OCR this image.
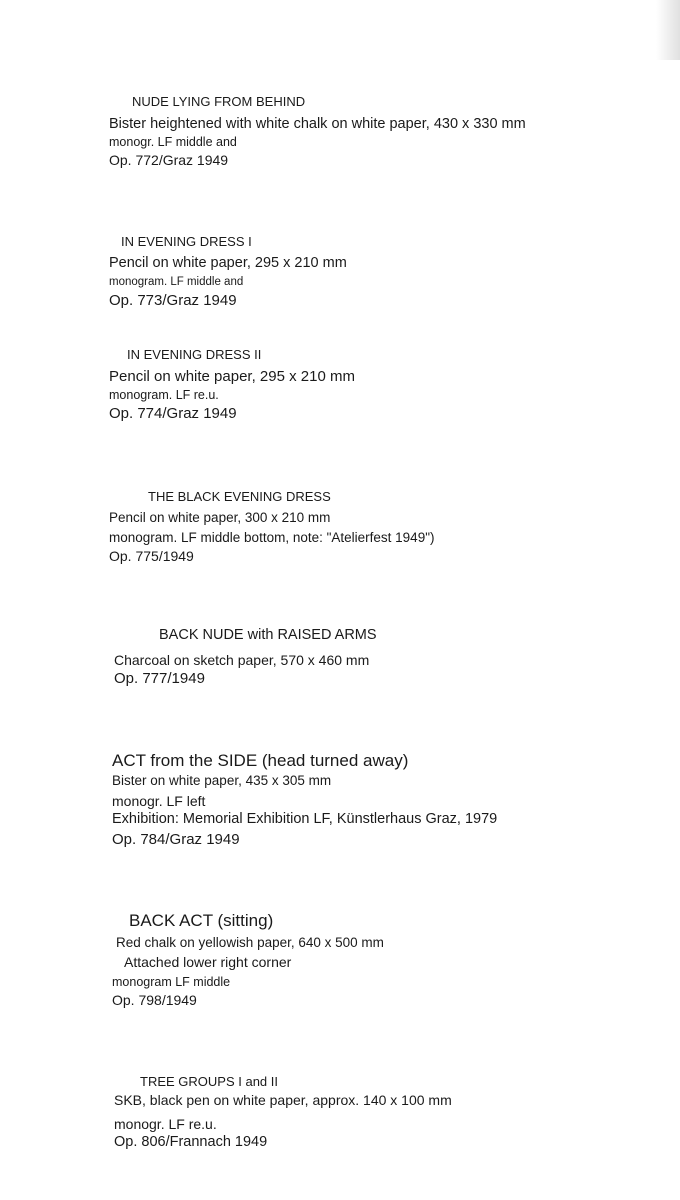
NUDE LYING FROM BEHIND
Bister heightened with white chalk on white paper, 430 x 330 mm
monogr. LF middle and
Op. 772/Graz 1949
IN EVENING DRESS I
Pencil on white paper, 295 x 210 mm
monogram. LF middle and
Op. 773/Graz 1949
IN EVENING DRESS II
Pencil on white paper, 295 x 210 mm
monogram. LF re.u.
Op. 774/Graz 1949
THE BLACK EVENING DRESS
Pencil on white paper, 300 x 210 mm
monogram. LF middle bottom, note: "Atelierfest 1949")
Op. 775/1949
BACK NUDE with RAISED ARMS
Charcoal on sketch paper, 570 x 460 mm
Op. 777/1949
ACT from the SIDE (head turned away)
Bister on white paper, 435 x 305 mm
monogr. LF left
Exhibition: Memorial Exhibition LF, Künstlerhaus Graz, 1979
Op. 784/Graz 1949
BACK ACT (sitting)
Red chalk on yellowish paper, 640 x 500 mm
Attached lower right corner
monogram LF middle
Op. 798/1949
TREE GROUPS I and II
SKB, black pen on white paper, approx. 140 x 100 mm
monogr. LF re.u.
Op. 806/Frannach 1949
